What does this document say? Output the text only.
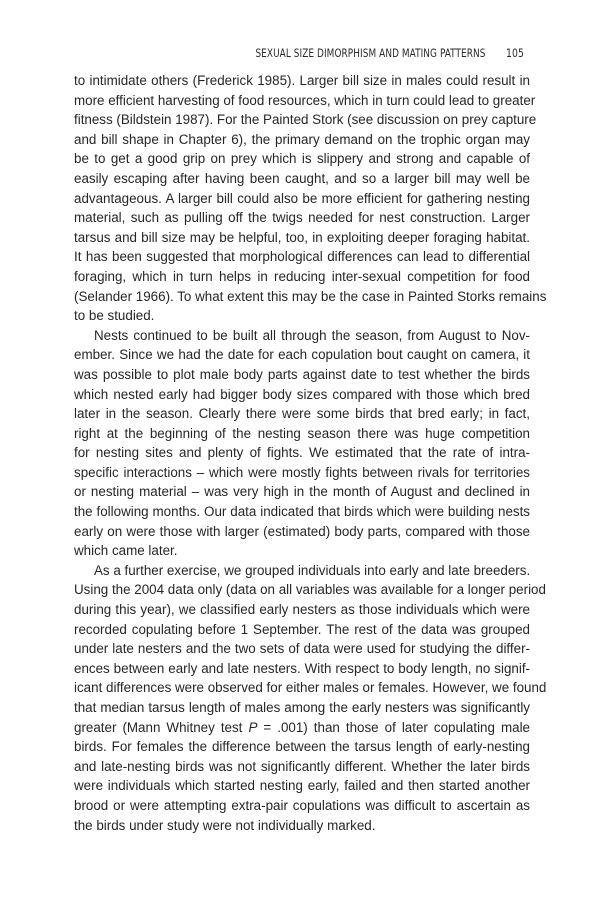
SEXUAL SIZE DIMORPHISM AND MATING PATTERNS 105
to intimidate others (Frederick 1985). Larger bill size in males could result in
more efficient harvesting of food resources, which in turn could lead to greater
fitness (Bildstein 1987). For the Painted Stork (see discussion on prey capture
and bill shape in Chapter 6), the primary demand on the trophic organ may
be to get a good grip on prey which is slippery and strong and capable of
easily escaping after having been caught, and so a larger bill may well be
advantageous. A larger bill could also be more efficient for gathering nesting
material, such as pulling off the twigs needed for nest construction. Larger
tarsus and bill size may be helpful, too, in exploiting deeper foraging habitat.
It has been suggested that morphological differences can lead to differential
foraging, which in turn helps in reducing inter-sexual competition for food
(Selander 1966). To what extent this may be the case in Painted Storks remains
to be studied.
Nests continued to be built all through the season, from August to Nov-
ember. Since we had the date for each copulation bout caught on camera, it
was possible to plot male body parts against date to test whether the birds
which nested early had bigger body sizes compared with those which bred
later in the season. Clearly there were some birds that bred early; in fact,
right at the beginning of the nesting season there was huge competition
for nesting sites and plenty of fights. We estimated that the rate of intra-
specific interactions – which were mostly fights between rivals for territories
or nesting material – was very high in the month of August and declined in
the following months. Our data indicated that birds which were building nests
early on were those with larger (estimated) body parts, compared with those
which came later.
As a further exercise, we grouped individuals into early and late breeders.
Using the 2004 data only (data on all variables was available for a longer period
during this year), we classified early nesters as those individuals which were
recorded copulating before 1 September. The rest of the data was grouped
under late nesters and the two sets of data were used for studying the differ-
ences between early and late nesters. With respect to body length, no signif-
icant differences were observed for either males or females. However, we found
that median tarsus length of males among the early nesters was significantly
greater (Mann Whitney test P = .001) than those of later copulating male
birds. For females the difference between the tarsus length of early-nesting
and late-nesting birds was not significantly different. Whether the later birds
were individuals which started nesting early, failed and then started another
brood or were attempting extra-pair copulations was difficult to ascertain as
the birds under study were not individually marked.
